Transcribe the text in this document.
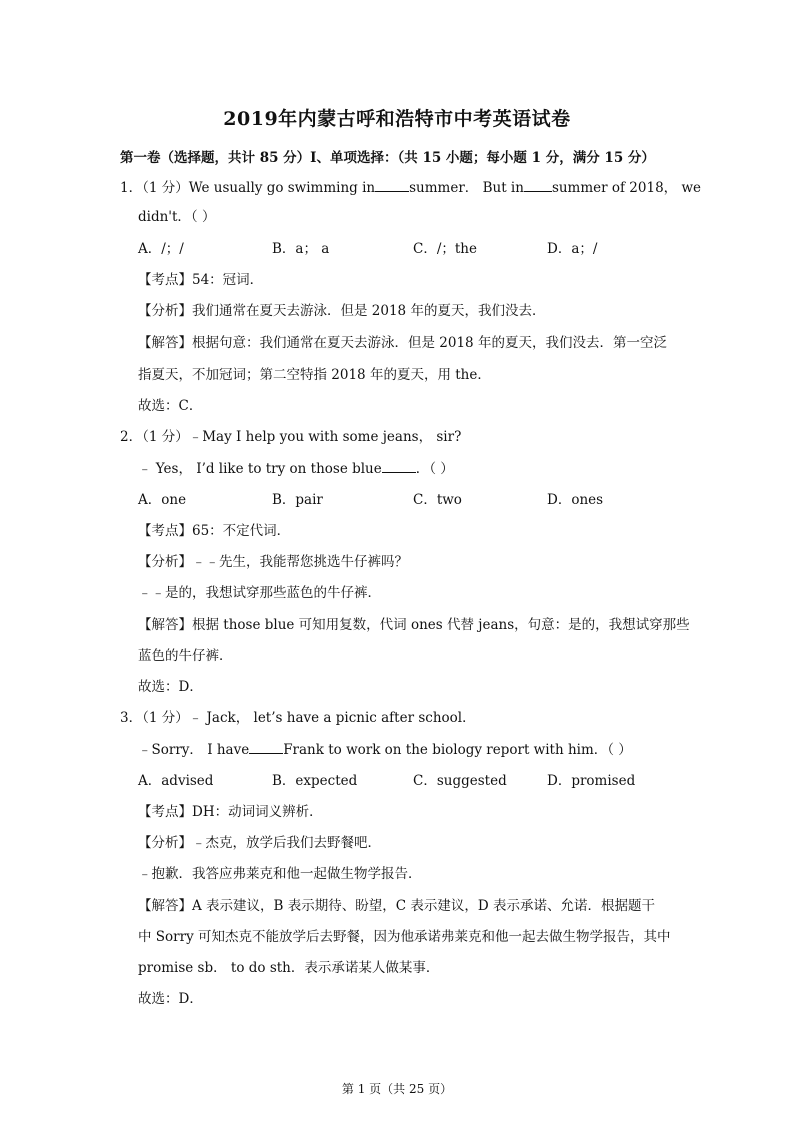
2019年内蒙古呼和浩特市中考英语试卷
第一卷（选择题，共计 85 分）Ⅰ、单项选择：（共 15 小题；每小题 1 分，满分 15 分）
1．（1 分）We usually go swimming in	summer． But in summer of 2018， we
didn't．（ ）
A．/；/	B．a； a	C．/；the	D．a；/
【考点】54：冠词．
【分析】我们通常在夏天去游泳．但是 2018 年的夏天，我们没去．
【解答】根据句意：我们通常在夏天去游泳．但是 2018 年的夏天，我们没去．第一空泛
指夏天，不加冠词；第二空特指 2018 年的夏天，用 the．
故选：C．
2．（1 分）﹣May I help you with some jeans， sir?
﹣ Yes， I’d like to try on those blue	．（ ）
A．one	B．pair	C．two	D．ones
【考点】65：不定代词．
【分析】﹣﹣先生，我能帮您挑选牛仔裤吗？
﹣﹣是的，我想试穿那些蓝色的牛仔裤．
【解答】根据 those blue 可知用复数，代词 ones 代替 jeans，句意：是的，我想试穿那些
蓝色的牛仔裤．
故选：D．
3．（1 分）﹣ Jack， let’s have a picnic after school．
﹣Sorry． I have	Frank to work on the biology report with him．（ ）
A．advised	B．expected	C．suggested	D．promised
【考点】DH：动词词义辨析．
【分析】﹣杰克，放学后我们去野餐吧．
﹣抱歉．我答应弗莱克和他一起做生物学报告．
【解答】A 表示建议，B 表示期待、盼望，C 表示建议，D 表示承诺、允诺．根据题干
中 Sorry 可知杰克不能放学后去野餐，因为他承诺弗莱克和他一起去做生物学报告，其中
promise sb． to do sth．表示承诺某人做某事．
故选：D．
第 1 页（共 25 页）
